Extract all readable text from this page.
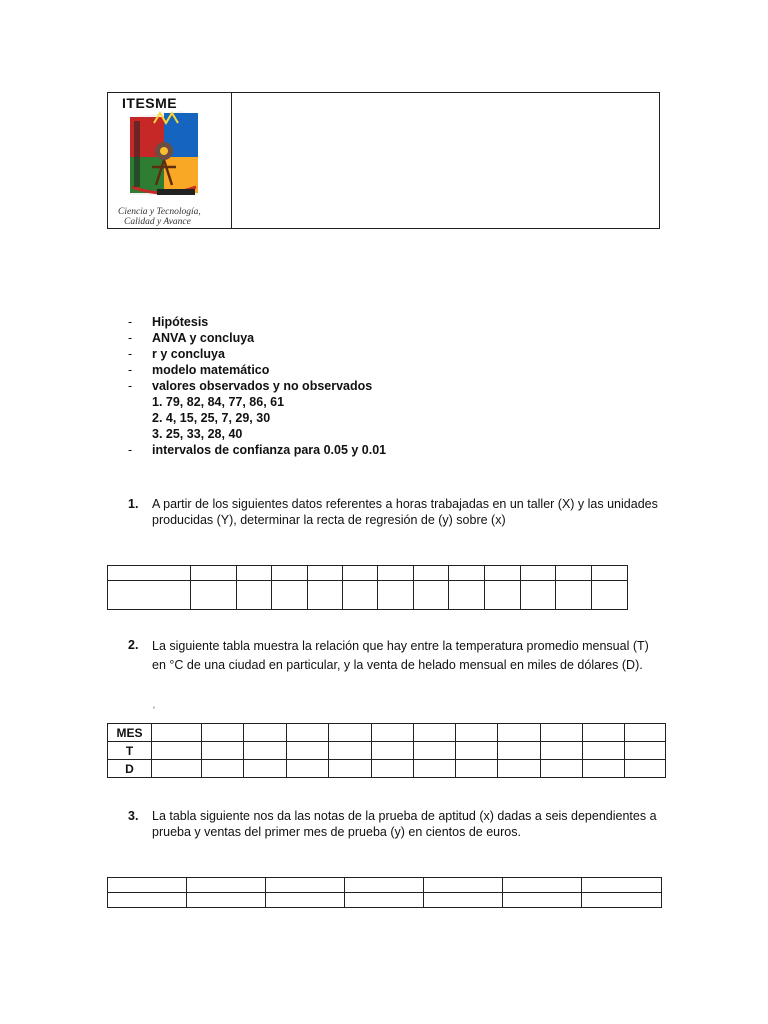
ITESME
Ciencia y Tecnología,
Calidad y Avance
-	Hipótesis
-	ANVA y concluya
-	r y concluya
-	modelo matemático
-	valores observados y no observados
1. 79, 82, 84, 77, 86, 61
2. 4, 15, 25, 7, 29, 30
3. 25, 33, 28, 40
-	intervalos de confianza para 0.05 y 0.01
1. A partir de los siguientes datos referentes a horas trabajadas en un taller (X) y las unidades producidas (Y), determinar la recta de regresión de (y) sobre (x)

2. La siguiente tabla muestra la relación que hay entre la temperatura promedio mensual (T) en °C de una ciudad en particular, y la venta de helado mensual en miles de dólares (D).
‘
MES												
T												
D												
3. La tabla siguiente nos da las notas de la prueba de aptitud (x) dadas a seis dependientes a prueba y ventas del primer mes de prueba (y) en cientos de euros.
